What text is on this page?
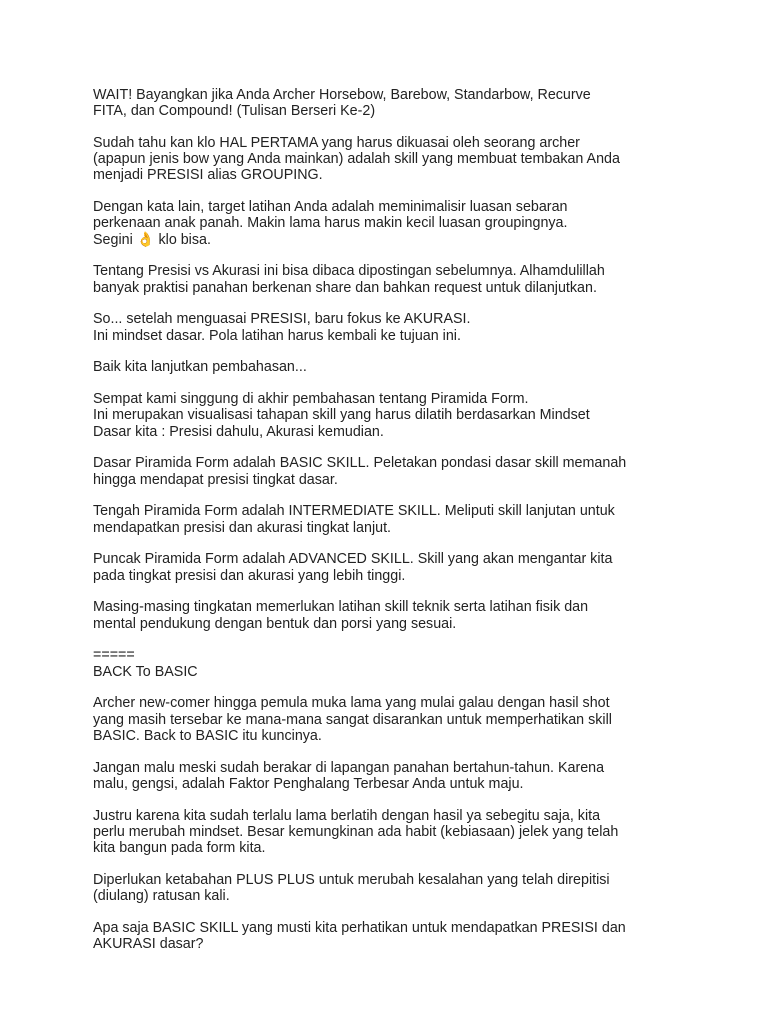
WAIT! Bayangkan jika Anda Archer Horsebow, Barebow, Standarbow, Recurve
FITA, dan Compound! (Tulisan Berseri Ke-2)

Sudah tahu kan klo HAL PERTAMA yang harus dikuasai oleh seorang archer
(apapun jenis bow yang Anda mainkan) adalah skill yang membuat tembakan Anda
menjadi PRESISI alias GROUPING.

Dengan kata lain, target latihan Anda adalah meminimalisir luasan sebaran
perkenaan anak panah. Makin lama harus makin kecil luasan groupingnya.
Segini 👌 klo bisa.

Tentang Presisi vs Akurasi ini bisa dibaca dipostingan sebelumnya. Alhamdulillah
banyak praktisi panahan berkenan share dan bahkan request untuk dilanjutkan.

So... setelah menguasai PRESISI, baru fokus ke AKURASI.
Ini mindset dasar. Pola latihan harus kembali ke tujuan ini.

Baik kita lanjutkan pembahasan...

Sempat kami singgung di akhir pembahasan tentang Piramida Form.
Ini merupakan visualisasi tahapan skill yang harus dilatih berdasarkan Mindset
Dasar kita : Presisi dahulu, Akurasi kemudian.

Dasar Piramida Form adalah BASIC SKILL. Peletakan pondasi dasar skill memanah
hingga mendapat presisi tingkat dasar.

Tengah Piramida Form adalah INTERMEDIATE SKILL. Meliputi skill lanjutan untuk
mendapatkan presisi dan akurasi tingkat lanjut.

Puncak Piramida Form adalah ADVANCED SKILL. Skill yang akan mengantar kita
pada tingkat presisi dan akurasi yang lebih tinggi.

Masing-masing tingkatan memerlukan latihan skill teknik serta latihan fisik dan
mental pendukung dengan bentuk dan porsi yang sesuai.

=====
BACK To BASIC

Archer new-comer hingga pemula muka lama yang mulai galau dengan hasil shot
yang masih tersebar ke mana-mana sangat disarankan untuk memperhatikan skill
BASIC. Back to BASIC itu kuncinya.

Jangan malu meski sudah berakar di lapangan panahan bertahun-tahun. Karena
malu, gengsi, adalah Faktor Penghalang Terbesar Anda untuk maju.

Justru karena kita sudah terlalu lama berlatih dengan hasil ya sebegitu saja, kita
perlu merubah mindset. Besar kemungkinan ada habit (kebiasaan) jelek yang telah
kita bangun pada form kita.

Diperlukan ketabahan PLUS PLUS untuk merubah kesalahan yang telah direpitisi
(diulang) ratusan kali.

Apa saja BASIC SKILL yang musti kita perhatikan untuk mendapatkan PRESISI dan
AKURASI dasar?
